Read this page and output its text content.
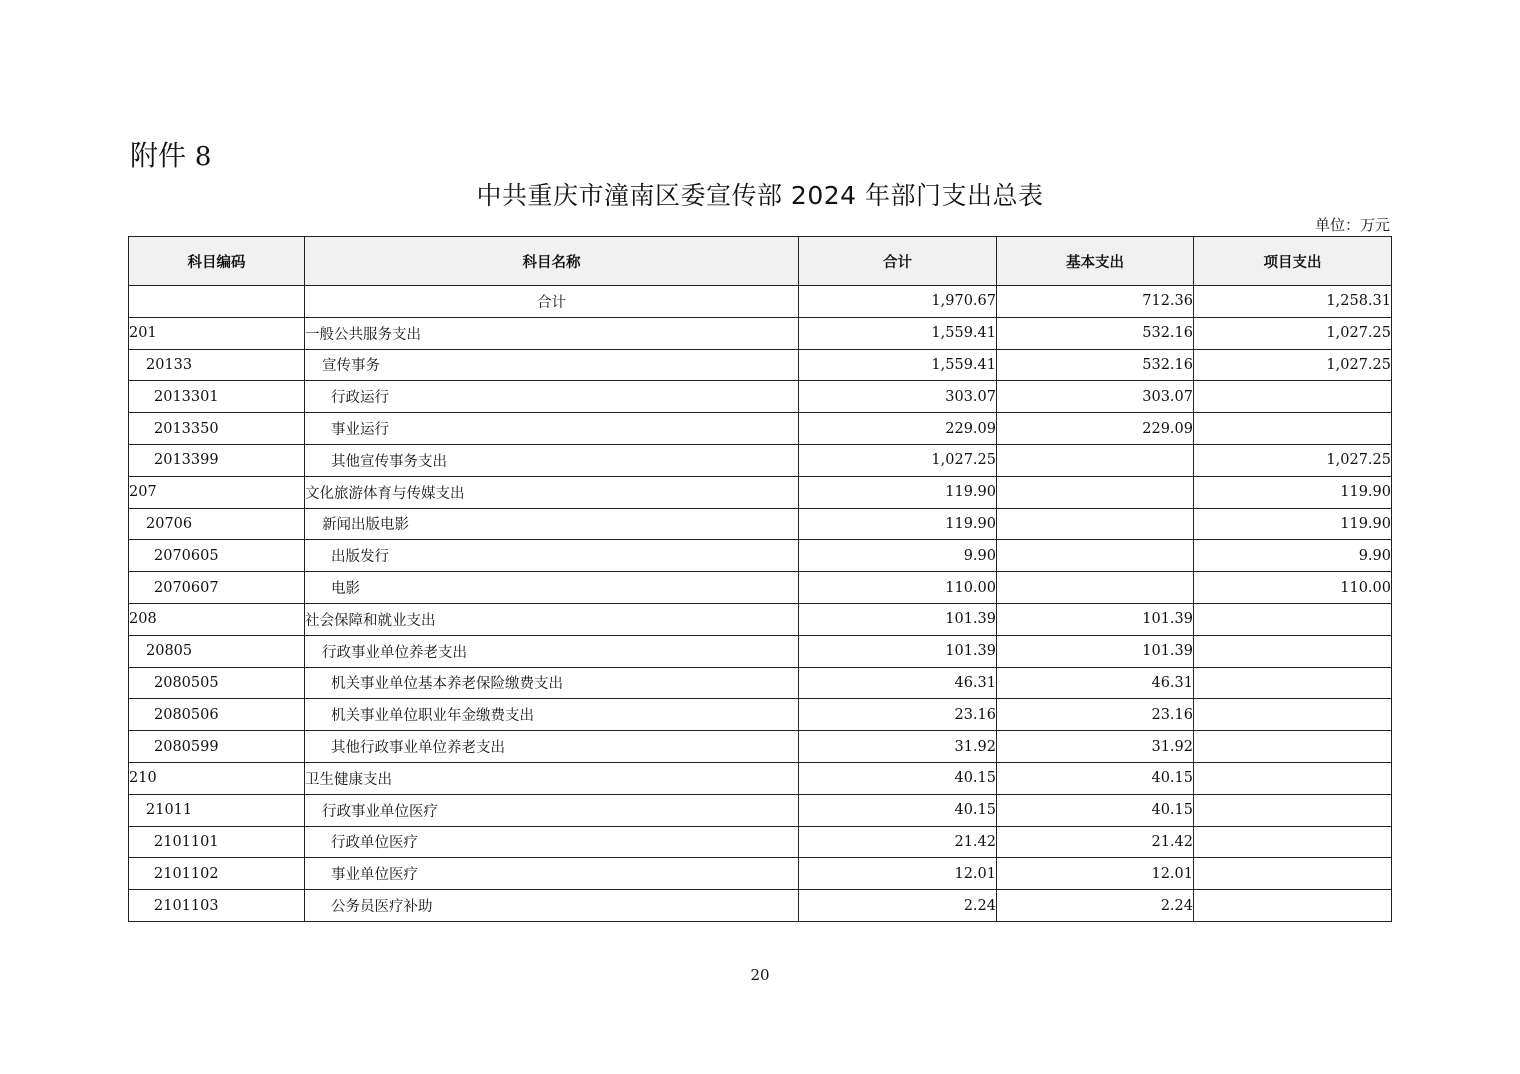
附件 8
中共重庆市潼南区委宣传部 2024 年部门支出总表
单位：万元
科目编码	科目名称	合计	基本支出	项目支出
	合计	1,970.67	712.36	1,258.31
201	一般公共服务支出	1,559.41	532.16	1,027.25
20133	宣传事务	1,559.41	532.16	1,027.25
2013301	行政运行	303.07	303.07	
2013350	事业运行	229.09	229.09	
2013399	其他宣传事务支出	1,027.25		1,027.25
207	文化旅游体育与传媒支出	119.90		119.90
20706	新闻出版电影	119.90		119.90
2070605	出版发行	9.90		9.90
2070607	电影	110.00		110.00
208	社会保障和就业支出	101.39	101.39	
20805	行政事业单位养老支出	101.39	101.39	
2080505	机关事业单位基本养老保险缴费支出	46.31	46.31	
2080506	机关事业单位职业年金缴费支出	23.16	23.16	
2080599	其他行政事业单位养老支出	31.92	31.92	
210	卫生健康支出	40.15	40.15	
21011	行政事业单位医疗	40.15	40.15	
2101101	行政单位医疗	21.42	21.42	
2101102	事业单位医疗	12.01	12.01	
2101103	公务员医疗补助	2.24	2.24	
20
